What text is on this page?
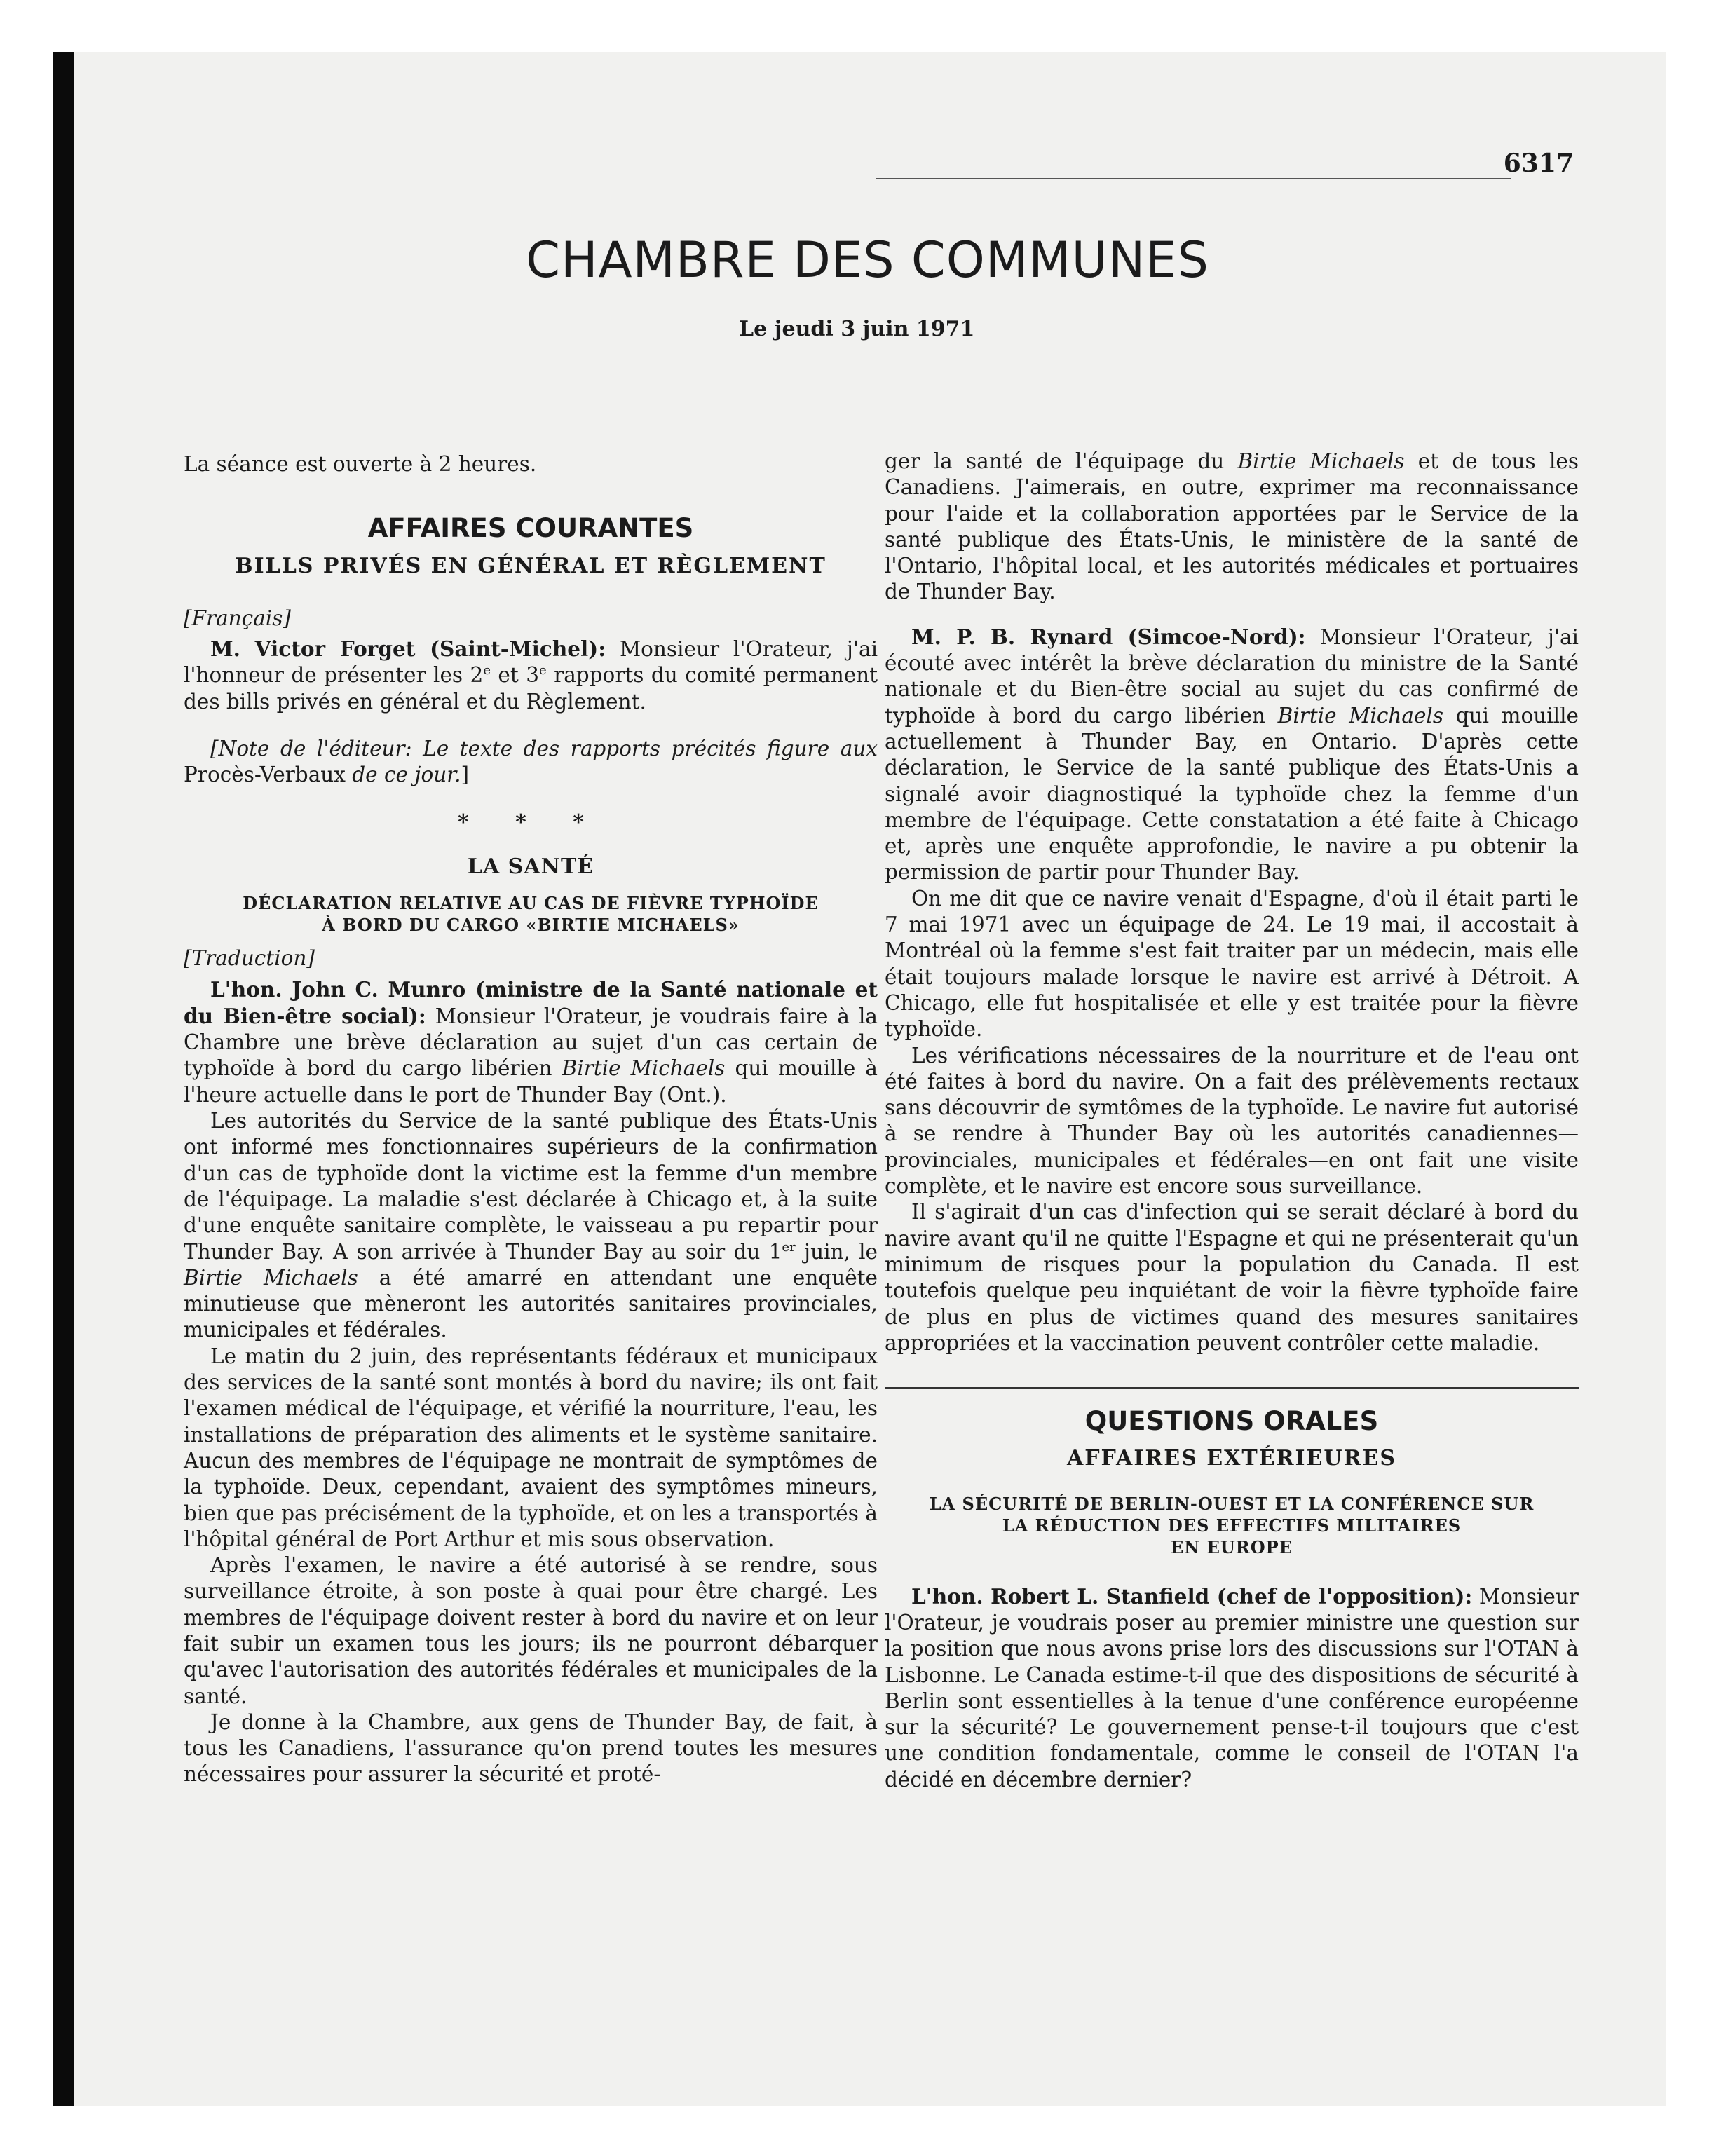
6317
CHAMBRE DES COMMUNES
Le jeudi 3 juin 1971

La séance est ouverte à 2 heures.

AFFAIRES COURANTES
BILLS PRIVÉS EN GÉNÉRAL ET RÈGLEMENT

[Français]

M. Victor Forget (Saint-Michel): Monsieur l'Orateur, j'ai l'honneur de présenter les 2e et 3e rapports du comité permanent des bills privés en général et du Règlement.

[Note de l'éditeur: Le texte des rapports précités figure aux Procès-Verbaux de ce jour.]

* * *
LA SANTÉ
DÉCLARATION RELATIVE AU CAS DE FIÈVRE TYPHOÏDE
À BORD DU CARGO «BIRTIE MICHAELS»

[Traduction]

L'hon. John C. Munro (ministre de la Santé nationale et du Bien-être social): Monsieur l'Orateur, je voudrais faire à la Chambre une brève déclaration au sujet d'un cas certain de typhoïde à bord du cargo libérien Birtie Michaels qui mouille à l'heure actuelle dans le port de Thunder Bay (Ont.).

Les autorités du Service de la santé publique des États-Unis ont informé mes fonctionnaires supérieurs de la confirmation d'un cas de typhoïde dont la victime est la femme d'un membre de l'équipage. La maladie s'est déclarée à Chicago et, à la suite d'une enquête sanitaire complète, le vaisseau a pu repartir pour Thunder Bay. A son arrivée à Thunder Bay au soir du 1er juin, le Birtie Michaels a été amarré en attendant une enquête minutieuse que mèneront les autorités sanitaires provinciales, municipales et fédérales.

Le matin du 2 juin, des représentants fédéraux et municipaux des services de la santé sont montés à bord du navire; ils ont fait l'examen médical de l'équipage, et vérifié la nourriture, l'eau, les installations de préparation des aliments et le système sanitaire. Aucun des membres de l'équipage ne montrait de symptômes de la typhoïde. Deux, cependant, avaient des symptômes mineurs, bien que pas précisément de la typhoïde, et on les a transportés à l'hôpital général de Port Arthur et mis sous observation.

Après l'examen, le navire a été autorisé à se rendre, sous surveillance étroite, à son poste à quai pour être chargé. Les membres de l'équipage doivent rester à bord du navire et on leur fait subir un examen tous les jours; ils ne pourront débarquer qu'avec l'autorisation des autorités fédérales et municipales de la santé.

Je donne à la Chambre, aux gens de Thunder Bay, de fait, à tous les Canadiens, l'assurance qu'on prend toutes les mesures nécessaires pour assurer la sécurité et proté-

ger la santé de l'équipage du Birtie Michaels et de tous les Canadiens. J'aimerais, en outre, exprimer ma reconnaissance pour l'aide et la collaboration apportées par le Service de la santé publique des États-Unis, le ministère de la santé de l'Ontario, l'hôpital local, et les autorités médicales et portuaires de Thunder Bay.

M. P. B. Rynard (Simcoe-Nord): Monsieur l'Orateur, j'ai écouté avec intérêt la brève déclaration du ministre de la Santé nationale et du Bien-être social au sujet du cas confirmé de typhoïde à bord du cargo libérien Birtie Michaels qui mouille actuellement à Thunder Bay, en Ontario. D'après cette déclaration, le Service de la santé publique des États-Unis a signalé avoir diagnostiqué la typhoïde chez la femme d'un membre de l'équipage. Cette constatation a été faite à Chicago et, après une enquête approfondie, le navire a pu obtenir la permission de partir pour Thunder Bay.

On me dit que ce navire venait d'Espagne, d'où il était parti le 7 mai 1971 avec un équipage de 24. Le 19 mai, il accostait à Montréal où la femme s'est fait traiter par un médecin, mais elle était toujours malade lorsque le navire est arrivé à Détroit. A Chicago, elle fut hospitalisée et elle y est traitée pour la fièvre typhoïde.

Les vérifications nécessaires de la nourriture et de l'eau ont été faites à bord du navire. On a fait des prélèvements rectaux sans découvrir de symtômes de la typhoïde. Le navire fut autorisé à se rendre à Thunder Bay où les autorités canadiennes—provinciales, municipales et fédérales—en ont fait une visite complète, et le navire est encore sous surveillance.

Il s'agirait d'un cas d'infection qui se serait déclaré à bord du navire avant qu'il ne quitte l'Espagne et qui ne présenterait qu'un minimum de risques pour la population du Canada. Il est toutefois quelque peu inquiétant de voir la fièvre typhoïde faire de plus en plus de victimes quand des mesures sanitaires appropriées et la vaccination peuvent contrôler cette maladie.

QUESTIONS ORALES
AFFAIRES EXTÉRIEURES
LA SÉCURITÉ DE BERLIN-OUEST ET LA CONFÉRENCE SUR
LA RÉDUCTION DES EFFECTIFS MILITAIRES
EN EUROPE

L'hon. Robert L. Stanfield (chef de l'opposition): Monsieur l'Orateur, je voudrais poser au premier ministre une question sur la position que nous avons prise lors des discussions sur l'OTAN à Lisbonne. Le Canada estime-t-il que des dispositions de sécurité à Berlin sont essentielles à la tenue d'une conférence européenne sur la sécurité? Le gouvernement pense-t-il toujours que c'est une condition fondamentale, comme le conseil de l'OTAN l'a décidé en décembre dernier?
